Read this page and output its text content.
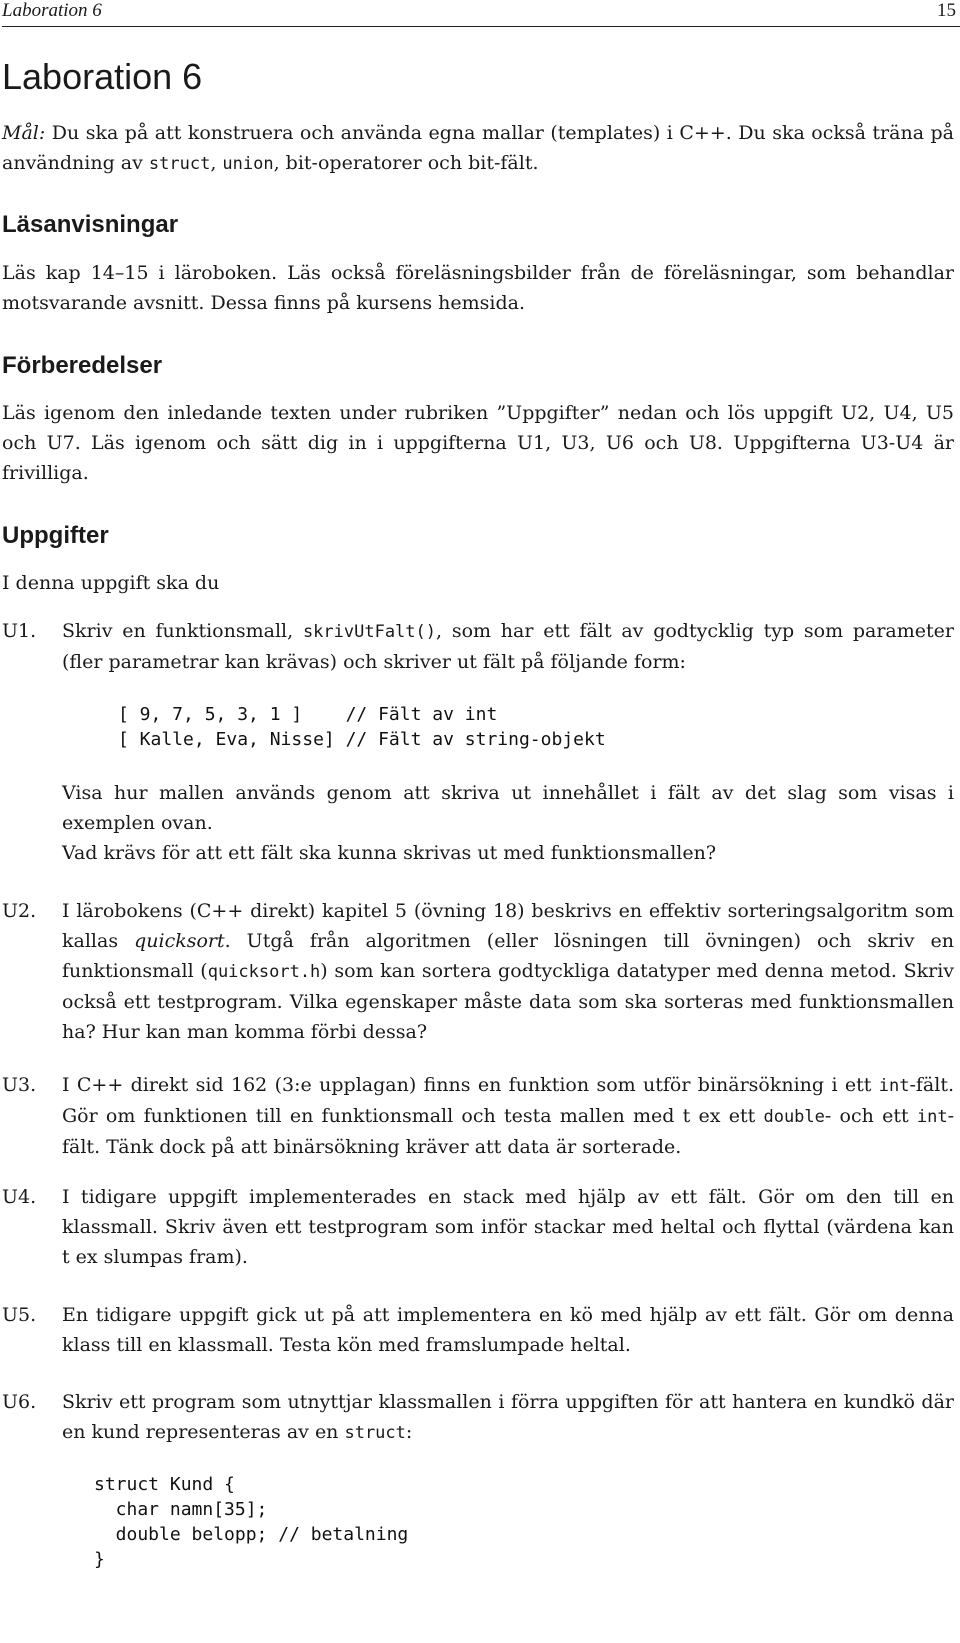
Laboration 6	15
Laboration 6

Mål: Du ska på att konstruera och använda egna mallar (templates) i C++. Du ska också träna på användning av struct, union, bit-operatorer och bit-fält.

Läsanvisningar

Läs kap 14–15 i läroboken. Läs också föreläsningsbilder från de föreläsningar, som behandlar motsvarande avsnitt. Dessa finns på kursens hemsida.

Förberedelser

Läs igenom den inledande texten under rubriken ”Uppgifter” nedan och lös uppgift U2, U4, U5 och U7. Läs igenom och sätt dig in i uppgifterna U1, U3, U6 och U8. Uppgifterna U3-U4 är frivilliga.

Uppgifter

I denna uppgift ska du

U1. Skriv en funktionsmall, skrivUtFalt(), som har ett fält av godtycklig typ som parameter (fler parametrar kan krävas) och skriver ut fält på följande form:

[ 9, 7, 5, 3, 1 ]    // Fält av int
[ Kalle, Eva, Nisse] // Fält av string-objekt

Visa hur mallen används genom att skriva ut innehållet i fält av det slag som visas i exemplen ovan.

Vad krävs för att ett fält ska kunna skrivas ut med funktionsmallen?

U2. I lärobokens (C++ direkt) kapitel 5 (övning 18) beskrivs en effektiv sorteringsalgoritm som kallas quicksort. Utgå från algoritmen (eller lösningen till övningen) och skriv en funktionsmall (quicksort.h) som kan sortera godtyckliga datatyper med denna metod. Skriv också ett testprogram. Vilka egenskaper måste data som ska sorteras med funktionsmallen ha? Hur kan man komma förbi dessa?

U3. I C++ direkt sid 162 (3:e upplagan) finns en funktion som utför binärsökning i ett int-fält. Gör om funktionen till en funktionsmall och testa mallen med t ex ett double- och ett int-fält. Tänk dock på att binärsökning kräver att data är sorterade.

U4. I tidigare uppgift implementerades en stack med hjälp av ett fält. Gör om den till en klassmall. Skriv även ett testprogram som inför stackar med heltal och flyttal (värdena kan t ex slumpas fram).

U5. En tidigare uppgift gick ut på att implementera en kö med hjälp av ett fält. Gör om denna klass till en klassmall. Testa kön med framslumpade heltal.

U6. Skriv ett program som utnyttjar klassmallen i förra uppgiften för att hantera en kundkö där en kund representeras av en struct:

struct Kund {
char namn[35];
double belopp; // betalning
}
